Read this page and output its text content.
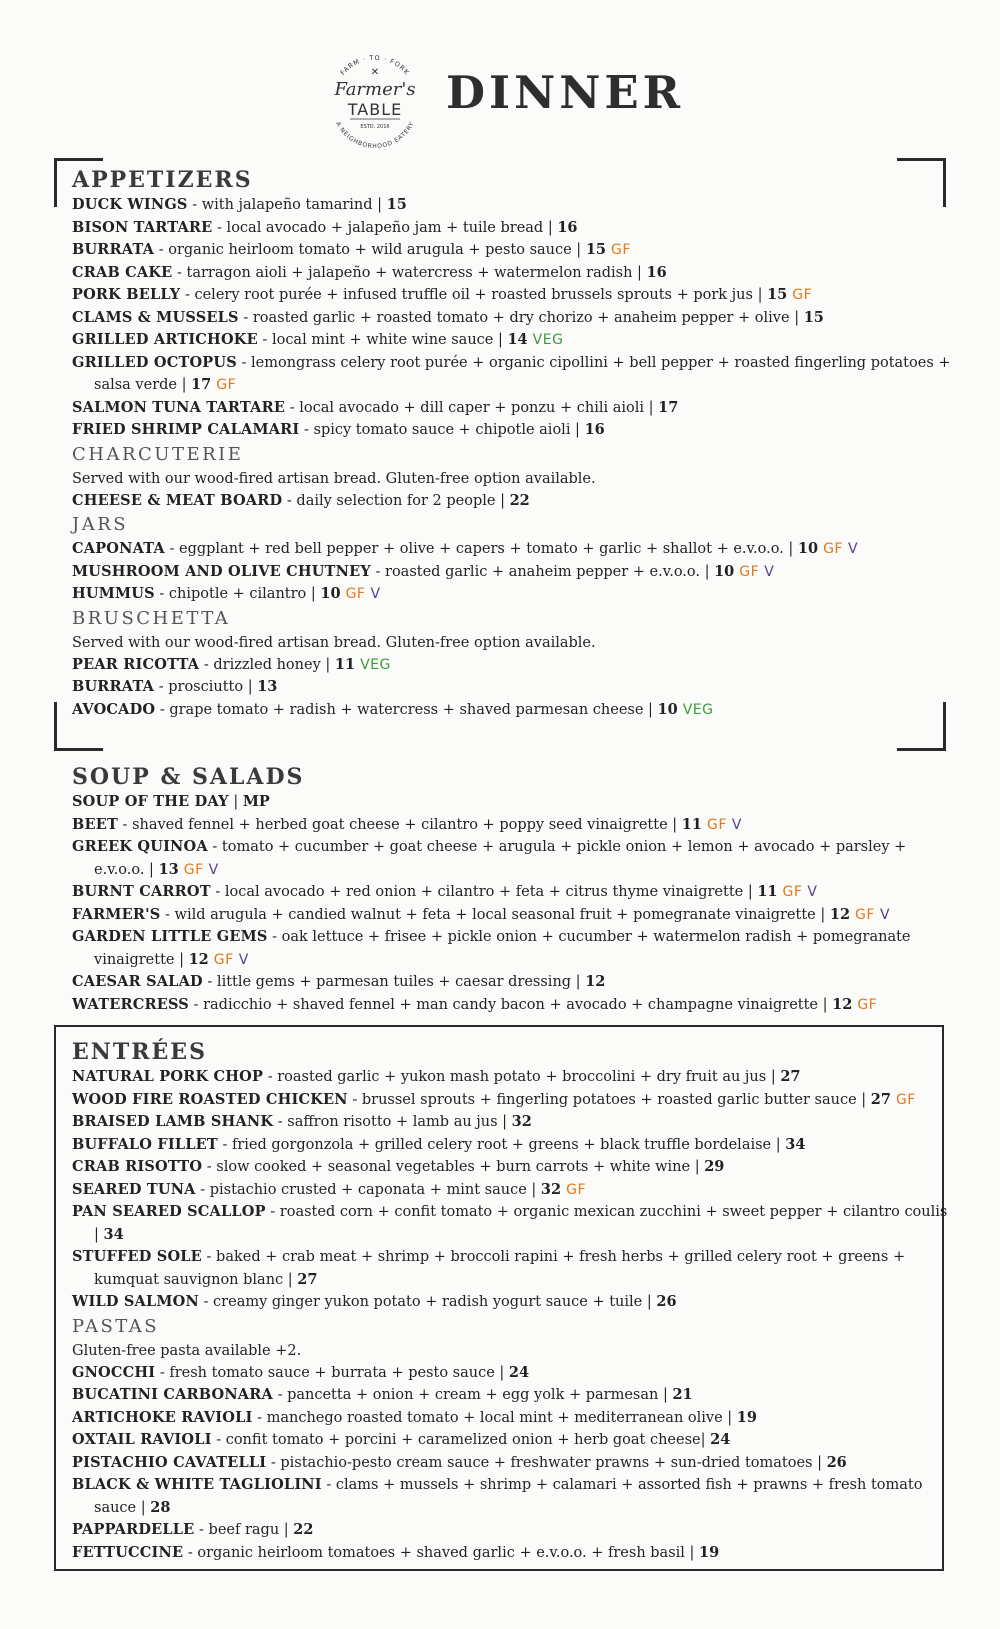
FARM · TO · FORK
✕
Farmer's
TABLE
ESTD. 2016
A NEIGHBORHOOD EATERY
DINNER
APPETIZERS
DUCK WINGS - with jalapeño tamarind | 15
BISON TARTARE - local avocado + jalapeño jam + tuile bread | 16
BURRATA - organic heirloom tomato + wild arugula + pesto sauce | 15 GF
CRAB CAKE - tarragon aioli + jalapeño + watercress + watermelon radish | 16
PORK BELLY - celery root purée + infused truffle oil + roasted brussels sprouts + pork jus | 15 GF
CLAMS & MUSSELS - roasted garlic + roasted tomato + dry chorizo + anaheim pepper + olive | 15
GRILLED ARTICHOKE - local mint + white wine sauce | 14 VEG
GRILLED OCTOPUS - lemongrass celery root purée + organic cipollini + bell pepper + roasted fingerling potatoes + salsa verde | 17 GF
SALMON TUNA TARTARE - local avocado + dill caper + ponzu + chili aioli | 17
FRIED SHRIMP CALAMARI - spicy tomato sauce + chipotle aioli | 16
CHARCUTERIE
Served with our wood-fired artisan bread. Gluten-free option available.
CHEESE & MEAT BOARD - daily selection for 2 people | 22
JARS
CAPONATA - eggplant + red bell pepper + olive + capers + tomato + garlic + shallot + e.v.o.o. | 10 GF V
MUSHROOM AND OLIVE CHUTNEY - roasted garlic + anaheim pepper + e.v.o.o. | 10 GF V
HUMMUS - chipotle + cilantro | 10 GF V
BRUSCHETTA
Served with our wood-fired artisan bread. Gluten-free option available.
PEAR RICOTTA - drizzled honey | 11 VEG
BURRATA - prosciutto | 13
AVOCADO - grape tomato + radish + watercress + shaved parmesan cheese | 10 VEG
SOUP & SALADS
SOUP OF THE DAY | MP
BEET - shaved fennel + herbed goat cheese + cilantro + poppy seed vinaigrette | 11 GF V
GREEK QUINOA - tomato + cucumber + goat cheese + arugula + pickle onion + lemon + avocado + parsley + e.v.o.o. | 13 GF V
BURNT CARROT - local avocado + red onion + cilantro + feta + citrus thyme vinaigrette | 11 GF V
FARMER'S - wild arugula + candied walnut + feta + local seasonal fruit + pomegranate vinaigrette | 12 GF V
GARDEN LITTLE GEMS - oak lettuce + frisee + pickle onion + cucumber + watermelon radish + pomegranate vinaigrette | 12 GF V
CAESAR SALAD - little gems + parmesan tuiles + caesar dressing | 12
WATERCRESS - radicchio + shaved fennel + man candy bacon + avocado + champagne vinaigrette | 12 GF
ENTRÉES
NATURAL PORK CHOP - roasted garlic + yukon mash potato + broccolini + dry fruit au jus | 27
WOOD FIRE ROASTED CHICKEN - brussel sprouts + fingerling potatoes + roasted garlic butter sauce | 27 GF
BRAISED LAMB SHANK - saffron risotto + lamb au jus | 32
BUFFALO FILLET - fried gorgonzola + grilled celery root + greens + black truffle bordelaise | 34
CRAB RISOTTO - slow cooked + seasonal vegetables + burn carrots + white wine | 29
SEARED TUNA - pistachio crusted + caponata + mint sauce | 32 GF
PAN SEARED SCALLOP - roasted corn + confit tomato + organic mexican zucchini + sweet pepper + cilantro coulis | 34
STUFFED SOLE - baked + crab meat + shrimp + broccoli rapini + fresh herbs + grilled celery root + greens + kumquat sauvignon blanc | 27
WILD SALMON - creamy ginger yukon potato + radish yogurt sauce + tuile | 26
PASTAS
Gluten-free pasta available +2.
GNOCCHI - fresh tomato sauce + burrata + pesto sauce | 24
BUCATINI CARBONARA - pancetta + onion + cream + egg yolk + parmesan | 21
ARTICHOKE RAVIOLI - manchego roasted tomato + local mint + mediterranean olive | 19
OXTAIL RAVIOLI - confit tomato + porcini + caramelized onion + herb goat cheese| 24
PISTACHIO CAVATELLI - pistachio-pesto cream sauce + freshwater prawns + sun-dried tomatoes | 26
BLACK & WHITE TAGLIOLINI - clams + mussels + shrimp + calamari + assorted fish + prawns + fresh tomato sauce | 28
PAPPARDELLE - beef ragu | 22
FETTUCCINE - organic heirloom tomatoes + shaved garlic + e.v.o.o. + fresh basil | 19
